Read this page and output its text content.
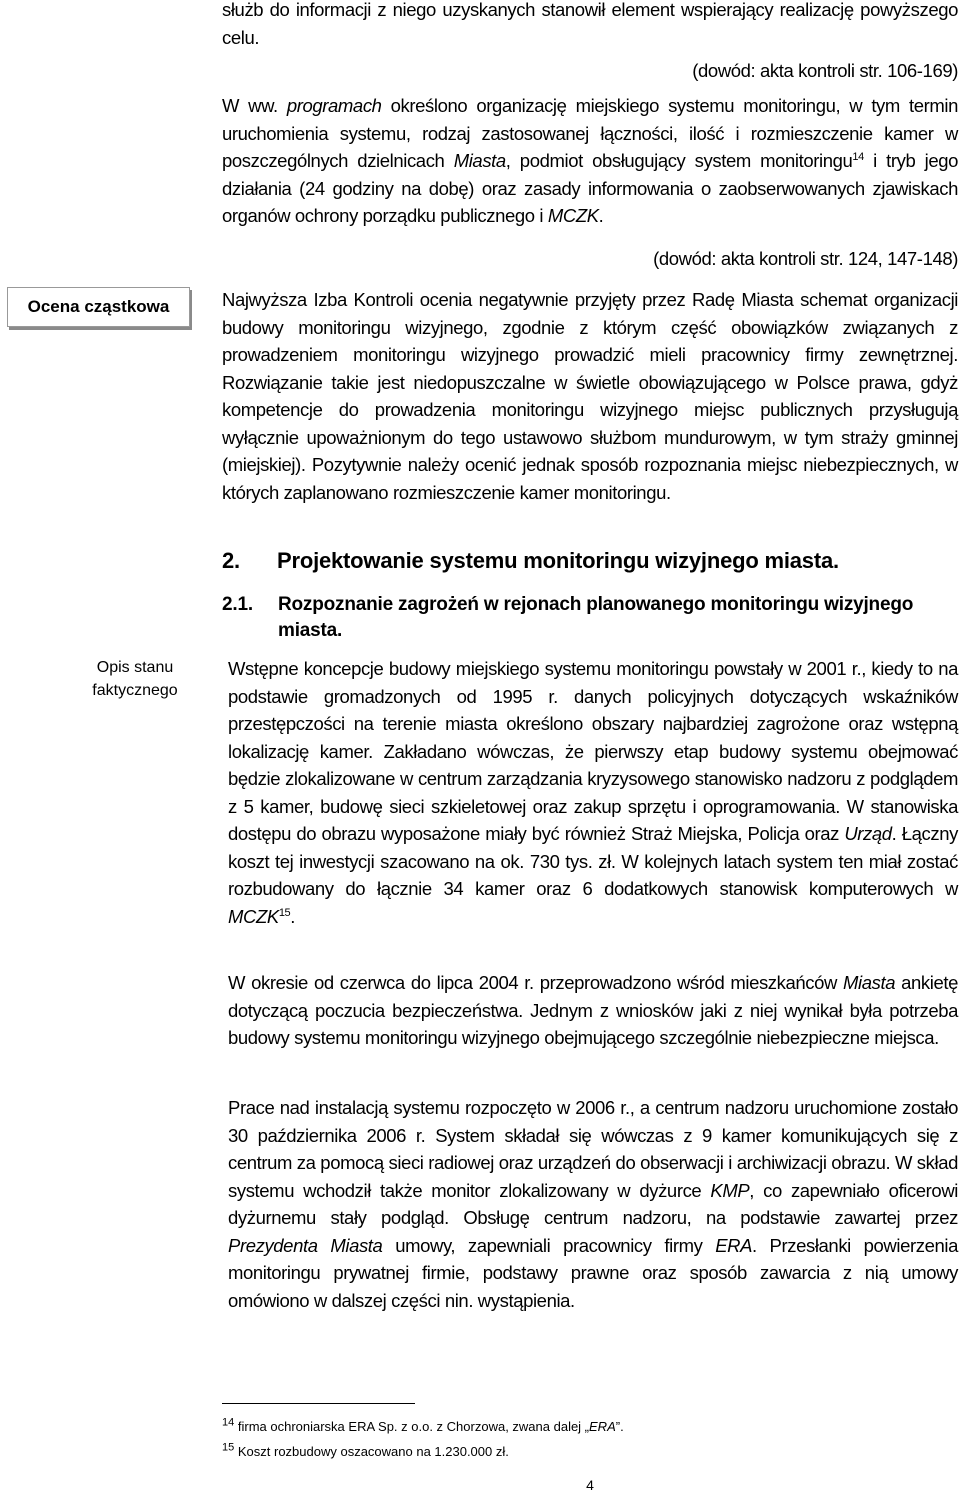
Ocena cząstkowa
Opis stanu
faktycznego
służb do informacji z niego uzyskanych stanowił element wspierający realizację powyższego celu.
(dowód: akta kontroli str. 106-169)
W ww. programach określono organizację miejskiego systemu monitoringu, w tym termin uruchomienia systemu, rodzaj zastosowanej łączności, ilość i rozmieszczenie kamer w poszczególnych dzielnicach Miasta, podmiot obsługujący system monitoringu$^{14}$ i tryb jego działania (24 godziny na dobę) oraz zasady informowania o zaobserwowanych zjawiskach organów ochrony porządku publicznego i MCZK.
(dowód: akta kontroli str. 124, 147-148)
Najwyższa Izba Kontroli ocenia negatywnie przyjęty przez Radę Miasta schemat organizacji budowy monitoringu wizyjnego, zgodnie z którym część obowiązków związanych z prowadzeniem monitoringu wizyjnego prowadzić mieli pracownicy firmy zewnętrznej. Rozwiązanie takie jest niedopuszczalne w świetle obowiązującego w Polsce prawa, gdyż kompetencje do prowadzenia monitoringu wizyjnego miejsc publicznych przysługują wyłącznie upoważnionym do tego ustawowo służbom mundurowym, w tym straży gminnej (miejskiej). Pozytywnie należy ocenić jednak sposób rozpoznania miejsc niebezpiecznych, w których zaplanowano rozmieszczenie kamer monitoringu.
2. Projektowanie systemu monitoringu wizyjnego miasta.
2.1. Rozpoznanie zagrożeń w rejonach planowanego monitoringu wizyjnego miasta.
Wstępne koncepcje budowy miejskiego systemu monitoringu powstały w 2001 r., kiedy to na podstawie gromadzonych od 1995 r. danych policyjnych dotyczących wskaźników przestępczości na terenie miasta określono obszary najbardziej zagrożone oraz wstępną lokalizację kamer. Zakładano wówczas, że pierwszy etap budowy systemu obejmować będzie zlokalizowane w centrum zarządzania kryzysowego stanowisko nadzoru z podglądem z 5 kamer, budowę sieci szkieletowej oraz zakup sprzętu i oprogramowania. W stanowiska dostępu do obrazu wyposażone miały być również Straż Miejska, Policja oraz Urząd. Łączny koszt tej inwestycji szacowano na ok. 730 tys. zł. W kolejnych latach system ten miał zostać rozbudowany do łącznie 34 kamer oraz 6 dodatkowych stanowisk komputerowych w MCZK$^{15}$.
W okresie od czerwca do lipca 2004 r. przeprowadzono wśród mieszkańców Miasta ankietę dotyczącą poczucia bezpieczeństwa. Jednym z wniosków jaki z niej wynikał była potrzeba budowy systemu monitoringu wizyjnego obejmującego szczególnie niebezpieczne miejsca.
Prace nad instalacją systemu rozpoczęto w 2006 r., a centrum nadzoru uruchomione zostało 30 października 2006 r. System składał się wówczas z 9 kamer komunikujących się z centrum za pomocą sieci radiowej oraz urządzeń do obserwacji i archiwizacji obrazu. W skład systemu wchodził także monitor zlokalizowany w dyżurce KMP, co zapewniało oficerowi dyżurnemu stały podgląd. Obsługę centrum nadzoru, na podstawie zawartej przez Prezydenta Miasta umowy, zapewniali pracownicy firmy ERA. Przesłanki powierzenia monitoringu prywatnej firmie, podstawy prawne oraz sposób zawarcia z nią umowy omówiono w dalszej części nin. wystąpienia.
$^{14}$ firma ochroniarska ERA Sp. z o.o. z Chorzowa, zwana dalej „ERA”.
$^{15}$ Koszt rozbudowy oszacowano na 1.230.000 zł.
4
